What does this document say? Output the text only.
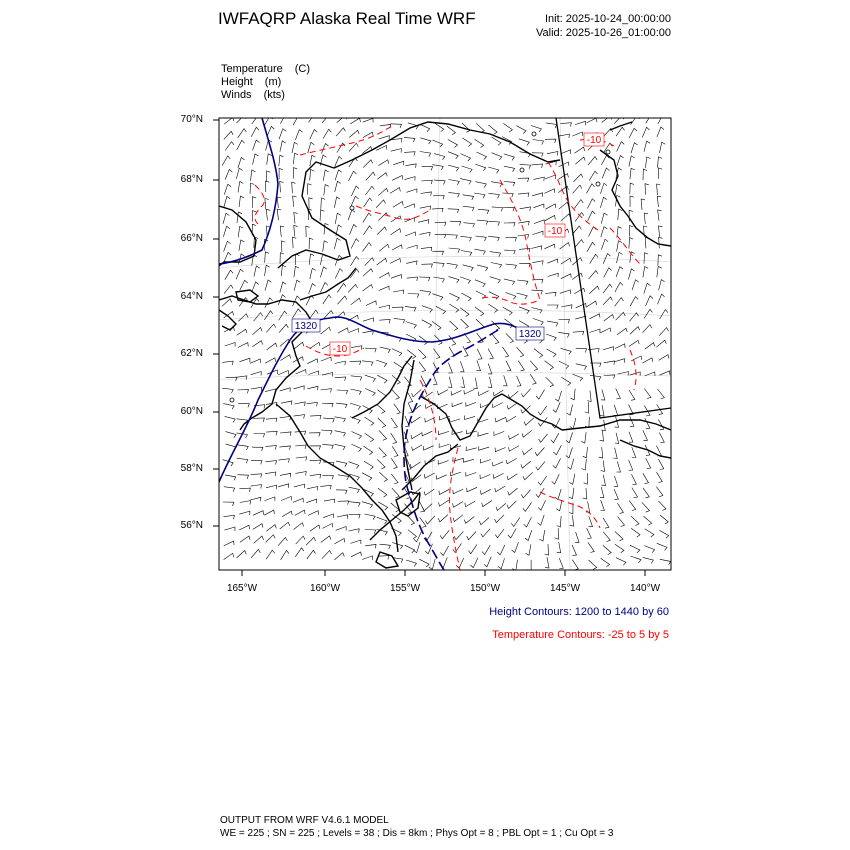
IWFAQRP Alaska Real Time WRF	Init: 2025-10-24_00:00:00
Valid: 2025-10-26_01:00:00
Temperature (C)
Height (m)
Winds (kts)
1320
1320
-10
-10
-10
70°N
68°N
66°N
64°N
62°N
60°N
58°N
56°N
165°W	160°W	155°W	150°W	145°W	140°W
Height Contours: 1200 to 1440 by 60
Temperature Contours: -25 to 5 by 5
OUTPUT FROM WRF V4.6.1 MODEL
WE = 225 ; SN = 225 ; Levels = 38 ; Dis = 8km ; Phys Opt = 8 ; PBL Opt = 1 ; Cu Opt = 3
